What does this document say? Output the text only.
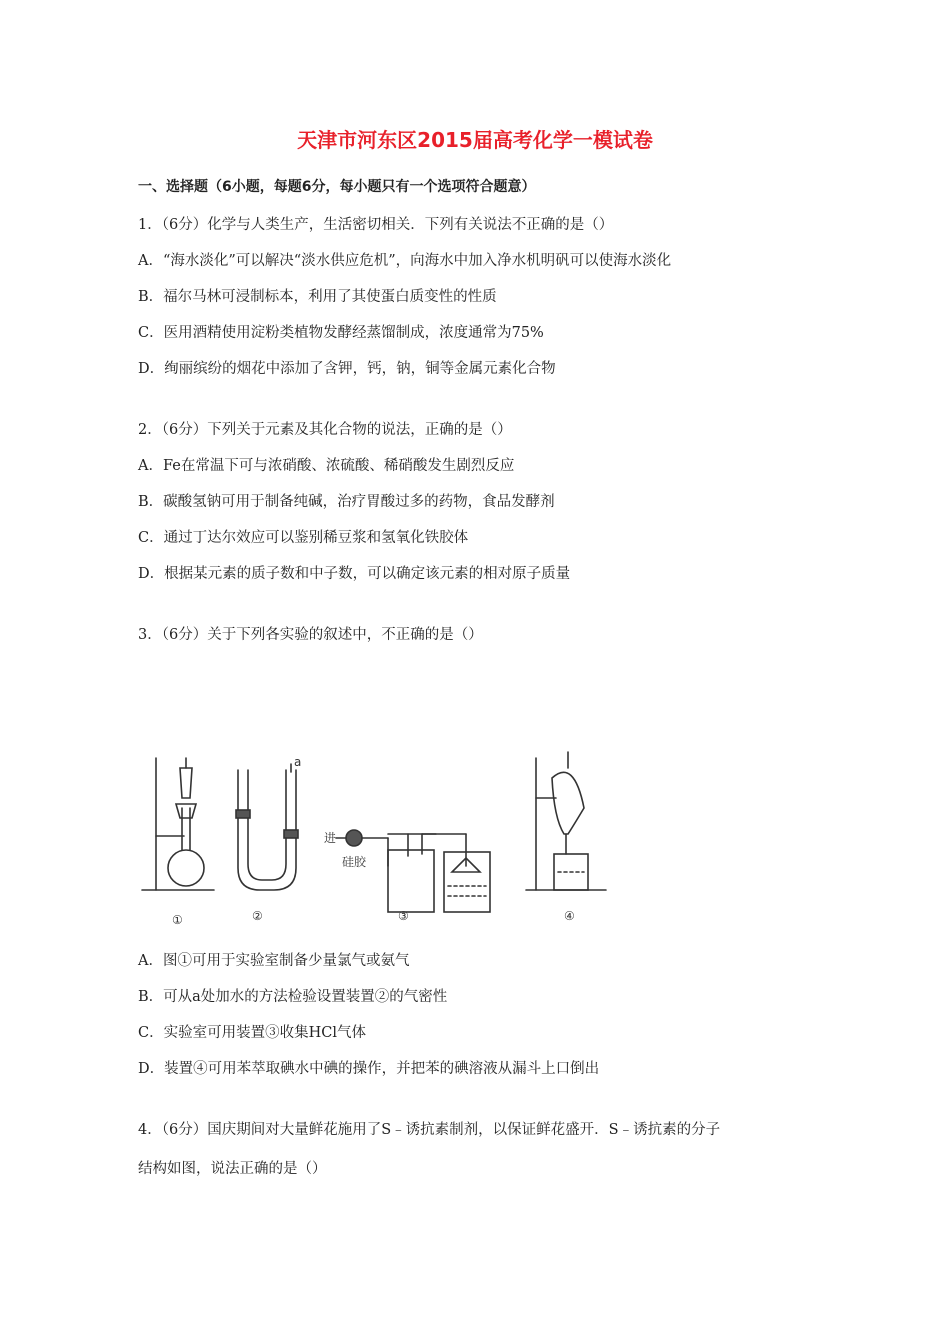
天津市河东区2015届高考化学一模试卷
一、选择题（6小题，每题6分，每小题只有一个选项符合题意）
1．（6分）化学与人类生产，生活密切相关．下列有关说法不正确的是（）
A．“海水淡化”可以解决“淡水供应危机”，向海水中加入净水机明矾可以使海水淡化
B．福尔马林可浸制标本，利用了其使蛋白质变性的性质
C．医用酒精使用淀粉类植物发酵经蒸馏制成，浓度通常为75%
D．绚丽缤纷的烟花中添加了含钾，钙，钠，铜等金属元素化合物
2．（6分）下列关于元素及其化合物的说法，正确的是（）
A．Fe在常温下可与浓硝酸、浓硫酸、稀硝酸发生剧烈反应
B．碳酸氢钠可用于制备纯碱，治疗胃酸过多的药物，食品发酵剂
C．通过丁达尔效应可以鉴别稀豆浆和氢氧化铁胶体
D．根据某元素的质子数和中子数，可以确定该元素的相对原子质量
3．（6分）关于下列各实验的叙述中，不正确的是（）
进
硅胶
a
①	②	③	④
A．图①可用于实验室制备少量氯气或氨气
B．可从a处加水的方法检验设置装置②的气密性
C．实验室可用装置③收集HCl气体
D．装置④可用苯萃取碘水中碘的操作，并把苯的碘溶液从漏斗上口倒出
4．（6分）国庆期间对大量鲜花施用了S﹣诱抗素制剂，以保证鲜花盛开．S﹣诱抗素的分子
结构如图，说法正确的是（）
